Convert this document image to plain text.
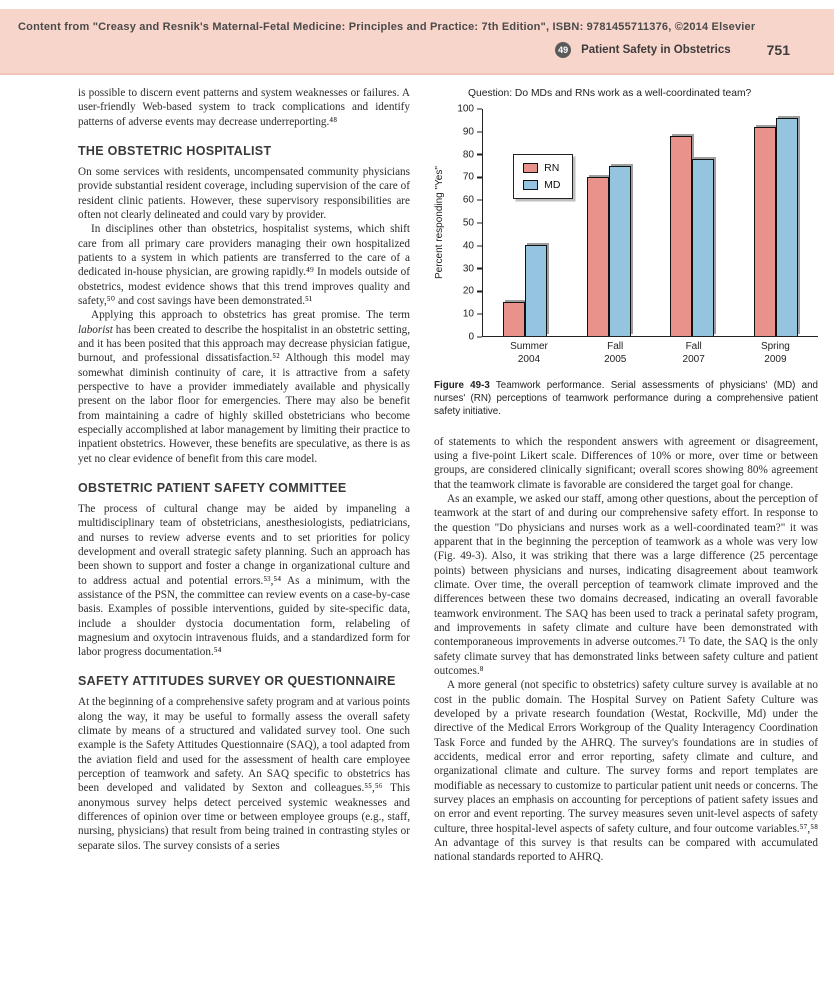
Content from "Creasy and Resnik's Maternal-Fetal Medicine: Principles and Practice: 7th Edition", ISBN: 9781455711376, ©2014 Elsevier
49 Patient Safety in Obstetrics	751

is possible to discern event patterns and system weaknesses or failures. A user-friendly Web-based system to track complications and identify patterns of adverse events may decrease underreporting.⁴⁸

THE OBSTETRIC HOSPITALIST

On some services with residents, uncompensated community physicians provide substantial resident coverage, including supervision of the care of resident clinic patients. However, these supervisory responsibilities are often not clearly delineated and could vary by provider.

In disciplines other than obstetrics, hospitalist systems, which shift care from all primary care providers managing their own hospitalized patients to a system in which patients are transferred to the care of a dedicated in-house physician, are growing rapidly.⁴⁹ In models outside of obstetrics, modest evidence shows that this trend improves quality and safety,⁵⁰ and cost savings have been demonstrated.⁵¹

Applying this approach to obstetrics has great promise. The term laborist has been created to describe the hospitalist in an obstetric setting, and it has been posited that this approach may decrease physician fatigue, burnout, and professional dissatisfaction.⁵² Although this model may somewhat diminish continuity of care, it is attractive from a safety perspective to have a provider immediately available and physically present on the labor floor for emergencies. There may also be benefit from maintaining a cadre of highly skilled obstetricians who become especially accomplished at labor management by limiting their practice to inpatient obstetrics. However, these benefits are speculative, as there is as yet no clear evidence of benefit from this care model.

OBSTETRIC PATIENT SAFETY COMMITTEE

The process of cultural change may be aided by impaneling a multidisciplinary team of obstetricians, anesthesiologists, pediatricians, and nurses to review adverse events and to set priorities for policy development and overall strategic safety planning. Such an approach has been shown to support and foster a change in organizational culture and to address actual and potential errors.⁵³,⁵⁴ As a minimum, with the assistance of the PSN, the committee can review events on a case-by-case basis. Examples of possible interventions, guided by site-specific data, include a shoulder dystocia documentation form, relabeling of magnesium and oxytocin intravenous fluids, and a standardized form for labor progress documentation.⁵⁴

SAFETY ATTITUDES SURVEY OR QUESTIONNAIRE

At the beginning of a comprehensive safety program and at various points along the way, it may be useful to formally assess the overall safety climate by means of a structured and validated survey tool. One such example is the Safety Attitudes Questionnaire (SAQ), a tool adapted from the aviation field and used for the assessment of health care employee perception of teamwork and safety. An SAQ specific to obstetrics has been developed and validated by Sexton and colleagues.⁵⁵,⁵⁶ This anonymous survey helps detect perceived systemic weaknesses and differences of opinion over time or between employee groups (e.g., staff, nursing, physicians) that result from being trained in contrasting styles or separate silos. The survey consists of a series

Question: Do MDs and RNs work as a well-coordinated team?
Percent responding "Yes"
0
10
20
30
40
50
60
70
80
90
100
RN
MD
Summer
2004
Fall
2005
Fall
2007
Spring
2009
Figure 49-3 Teamwork performance. Serial assessments of physicians' (MD) and nurses' (RN) perceptions of teamwork performance during a comprehensive patient safety initiative.

of statements to which the respondent answers with agreement or disagreement, using a five-point Likert scale. Differences of 10% or more, over time or between groups, are considered clinically significant; overall scores showing 80% agreement that the teamwork climate is favorable are considered the target goal for change.

As an example, we asked our staff, among other questions, about the perception of teamwork at the start of and during our comprehensive safety effort. In response to the question "Do physicians and nurses work as a well-coordinated team?" it was apparent that in the beginning the perception of teamwork as a whole was very low (Fig. 49-3). Also, it was striking that there was a large difference (25 percentage points) between physicians and nurses, indicating disagreement about teamwork climate. Over time, the overall perception of teamwork climate improved and the differences between these two domains decreased, indicating an overall favorable teamwork environment. The SAQ has been used to track a perinatal safety program, and improvements in safety climate and culture have been demonstrated with contemporaneous improvements in adverse outcomes.⁷¹ To date, the SAQ is the only safety climate survey that has demonstrated links between safety culture and patient outcomes.⁸

A more general (not specific to obstetrics) safety culture survey is available at no cost in the public domain. The Hospital Survey on Patient Safety Culture was developed by a private research foundation (Westat, Rockville, Md) under the directive of the Medical Errors Workgroup of the Quality Interagency Coordination Task Force and funded by the AHRQ. The survey's foundations are in studies of accidents, medical error and error reporting, safety climate and culture, and organizational climate and culture. The survey forms and report templates are modifiable as necessary to customize to particular patient unit needs or concerns. The survey places an emphasis on accounting for perceptions of patient safety issues and on error and event reporting. The survey measures seven unit-level aspects of safety culture, three hospital-level aspects of safety culture, and four outcome variables.⁵⁷,⁵⁸ An advantage of this survey is that results can be compared with accumulated national standards reported to AHRQ.
